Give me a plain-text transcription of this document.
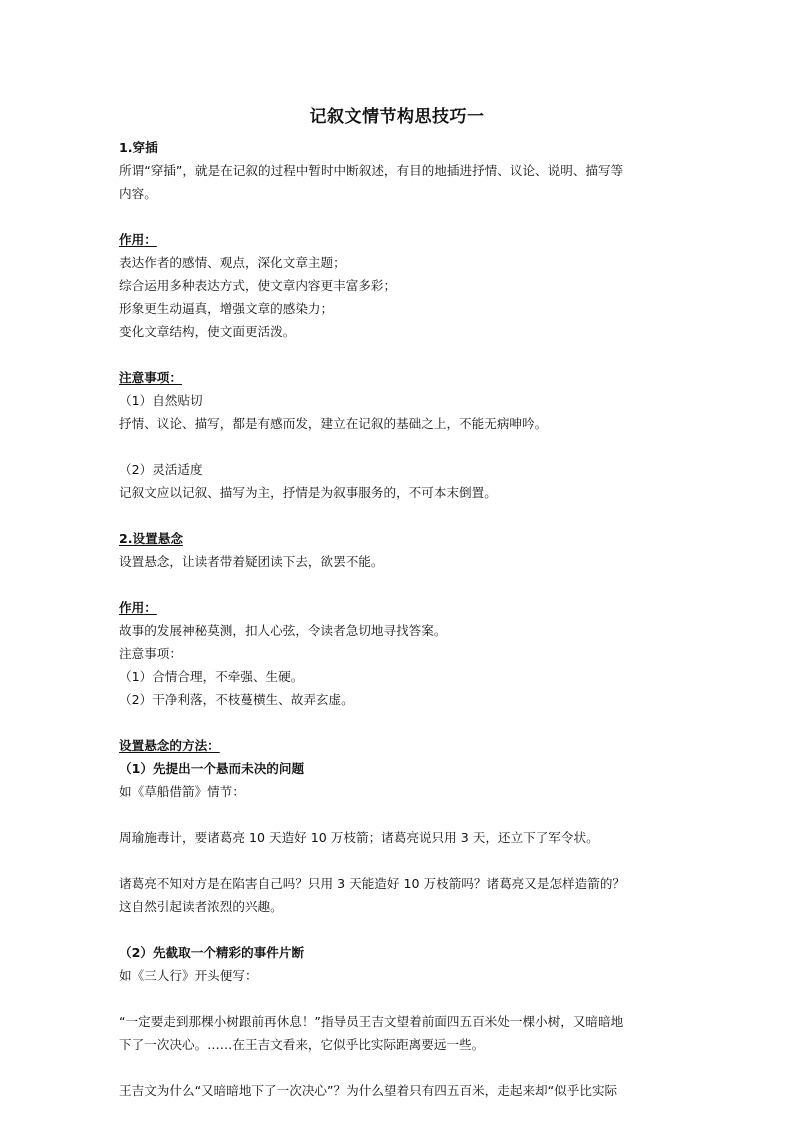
记叙文情节构思技巧一
1.穿插
所谓“穿插”，就是在记叙的过程中暂时中断叙述，有目的地插进抒情、议论、说明、描写等
内容。
作用：
表达作者的感情、观点，深化文章主题；
综合运用多种表达方式，使文章内容更丰富多彩；
形象更生动逼真，增强文章的感染力；
变化文章结构，使文面更活泼。
注意事项：
（1）自然贴切
抒情、议论、描写，都是有感而发，建立在记叙的基础之上，不能无病呻吟。
（2）灵活适度
记叙文应以记叙、描写为主，抒情是为叙事服务的，不可本末倒置。
2.设置悬念
设置悬念，让读者带着疑团读下去，欲罢不能。
作用：
故事的发展神秘莫测，扣人心弦，令读者急切地寻找答案。
注意事项：
（1）合情合理，不牵强、生硬。
（2）干净利落，不枝蔓横生、故弄玄虚。
设置悬念的方法：
（1）先提出一个悬而未决的问题
如《草船借箭》情节：
周瑜施毒计，要诸葛亮 10 天造好 10 万枝箭；诸葛亮说只用 3 天，还立下了军令状。
诸葛亮不知对方是在陷害自己吗？只用 3 天能造好 10 万枝箭吗？诸葛亮又是怎样造箭的？
这自然引起读者浓烈的兴趣。
（2）先截取一个精彩的事件片断
如《三人行》开头便写：
“一定要走到那棵小树跟前再休息！”指导员王吉文望着前面四五百米处一棵小树，又暗暗地
下了一次决心。……在王吉文看来，它似乎比实际距离要远一些。
王吉文为什么“又暗暗地下了一次决心”？为什么望着只有四五百米，走起来却“似乎比实际
